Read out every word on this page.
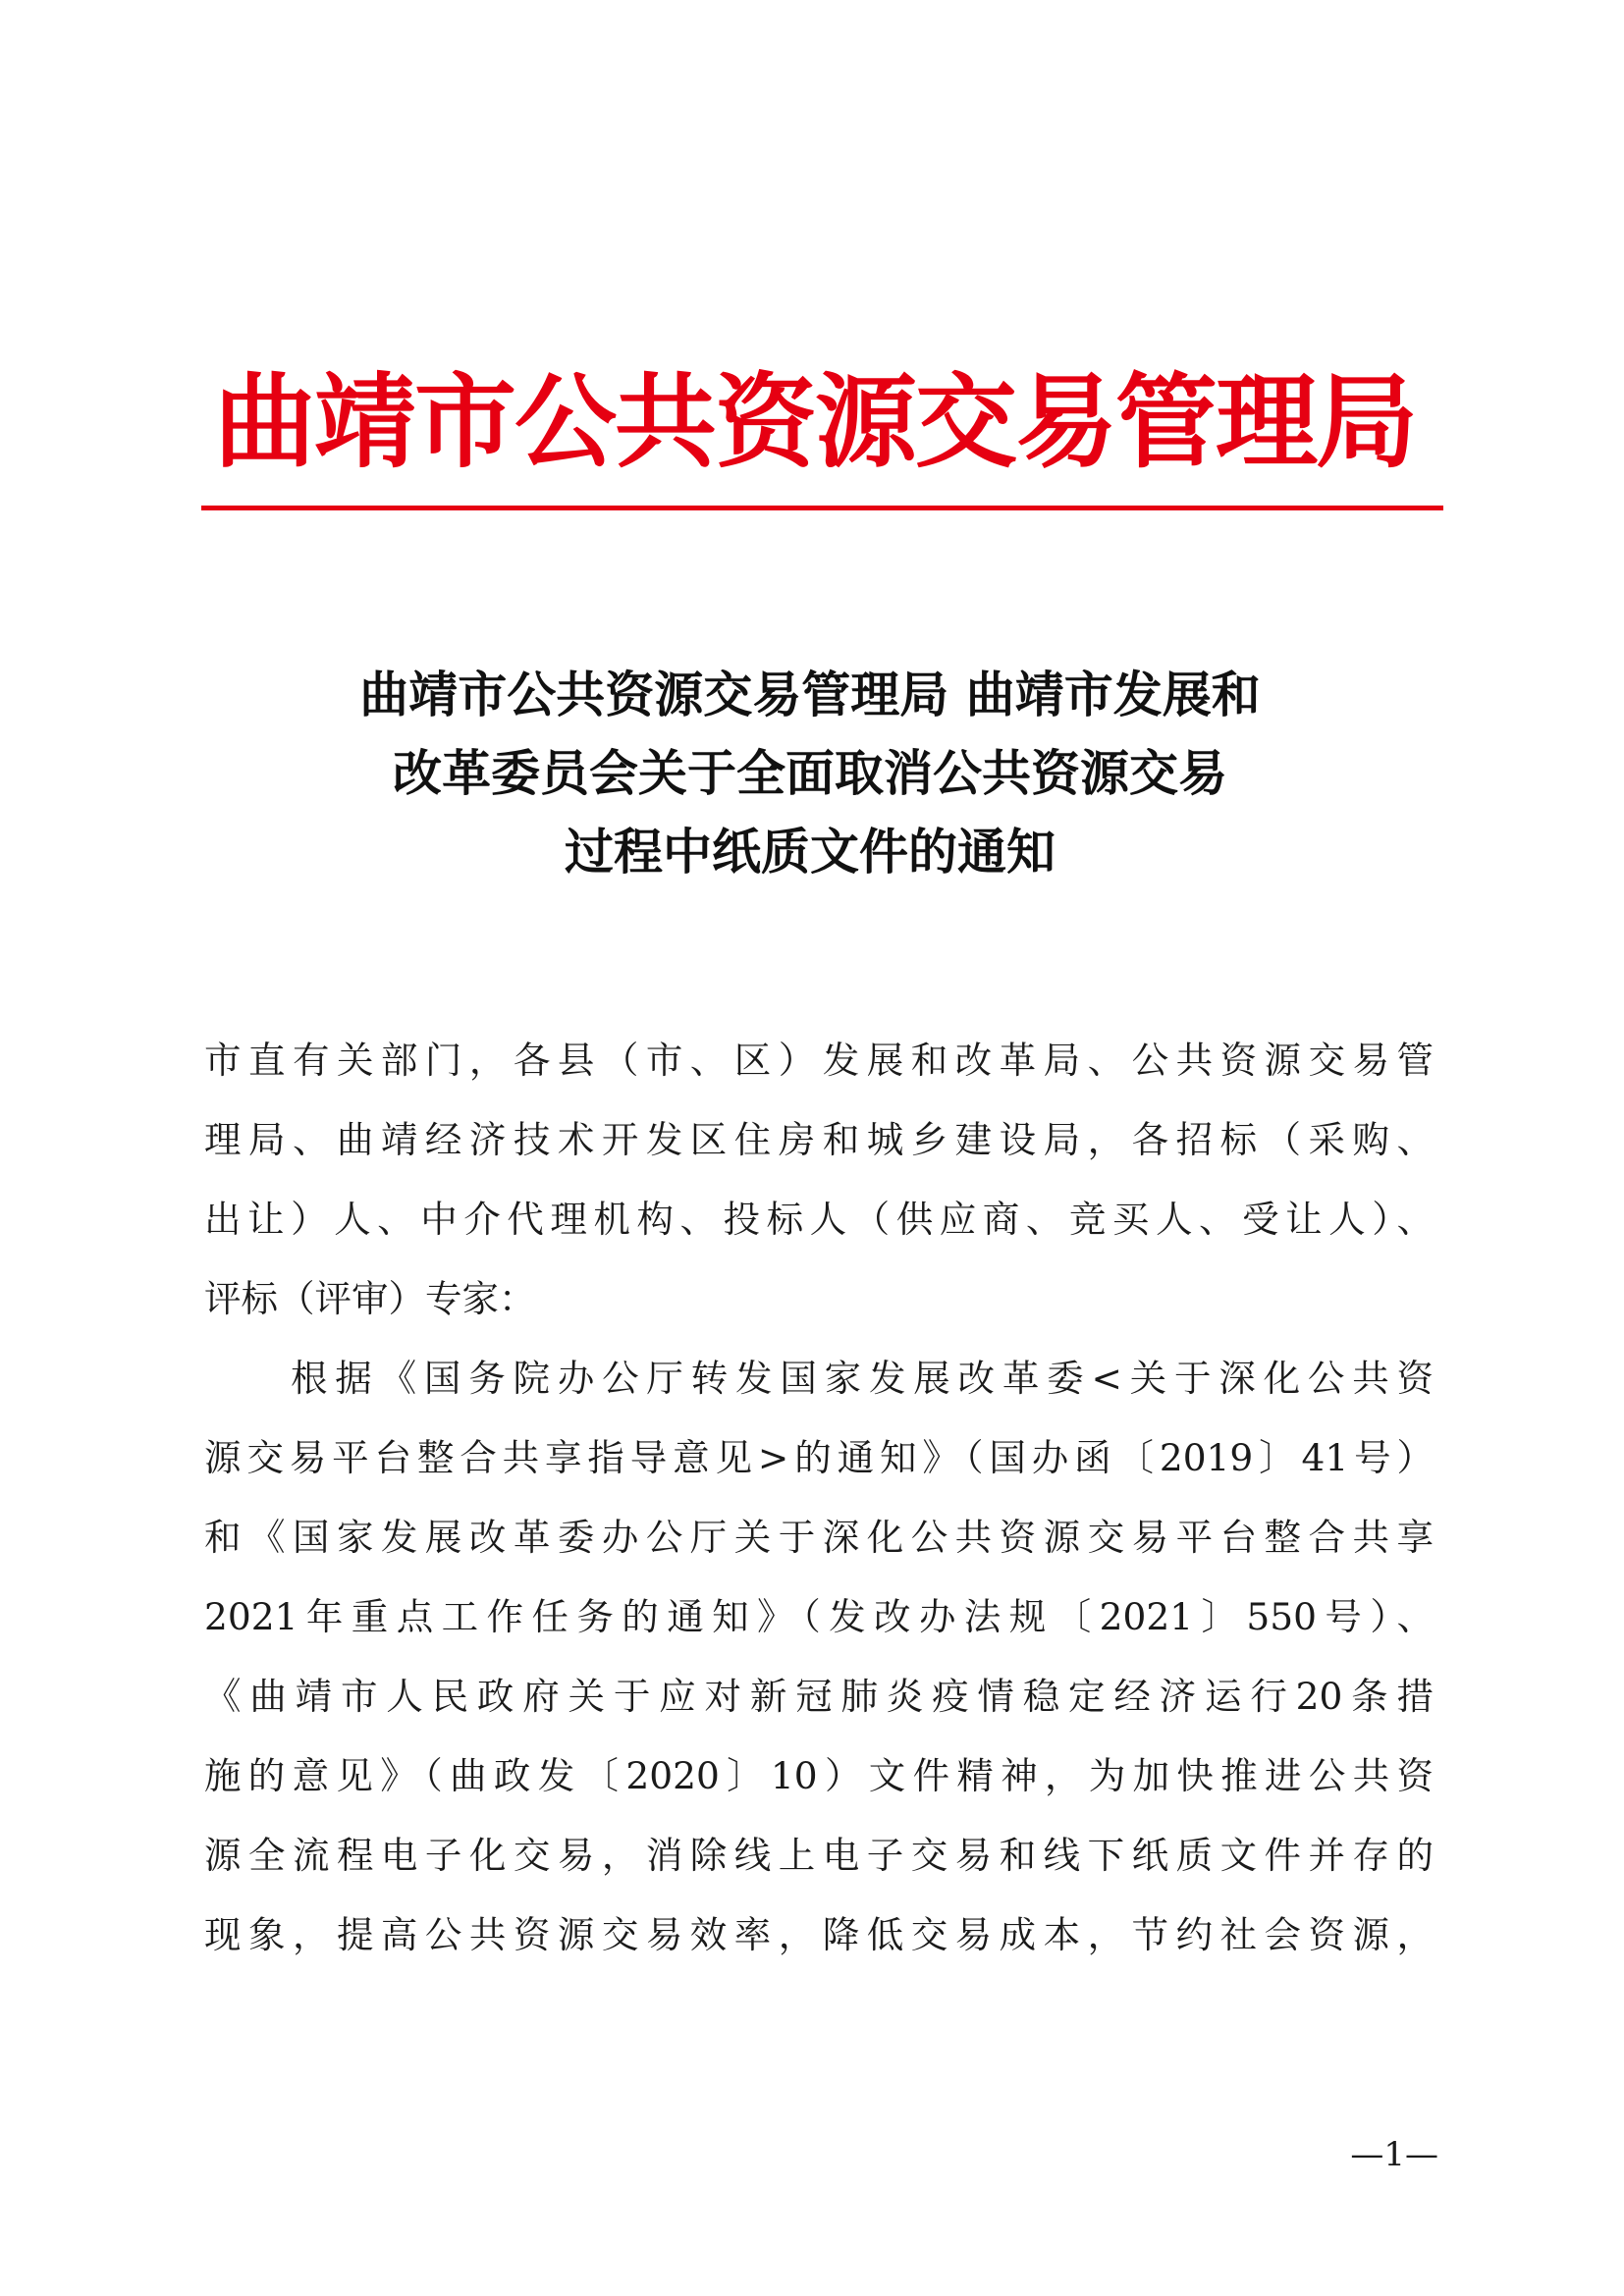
曲靖市公共资源交易管理局
曲靖市公共资源交易管理局 曲靖市发展和
改革委员会关于全面取消公共资源交易
过程中纸质文件的通知
市直有关部门，各县（市、区）发展和改革局、公共资源交易管
理局、曲靖经济技术开发区住房和城乡建设局，各招标（采购、
出让）人、中介代理机构、投标人（供应商、竞买人、受让人）、
评标（评审）专家：
根据《国务院办公厅转发国家发展改革委<关于深化公共资
源交易平台整合共享指导意见>的通知》（国办函〔2019〕41号）
和《国家发展改革委办公厅关于深化公共资源交易平台整合共享
2021年重点工作任务的通知》（发改办法规〔2021〕550号）、
《曲靖市人民政府关于应对新冠肺炎疫情稳定经济运行20条措
施的意见》（曲政发〔2020〕10）文件精神，为加快推进公共资
源全流程电子化交易，消除线上电子交易和线下纸质文件并存的
现象，提高公共资源交易效率，降低交易成本，节约社会资源，
—1—
